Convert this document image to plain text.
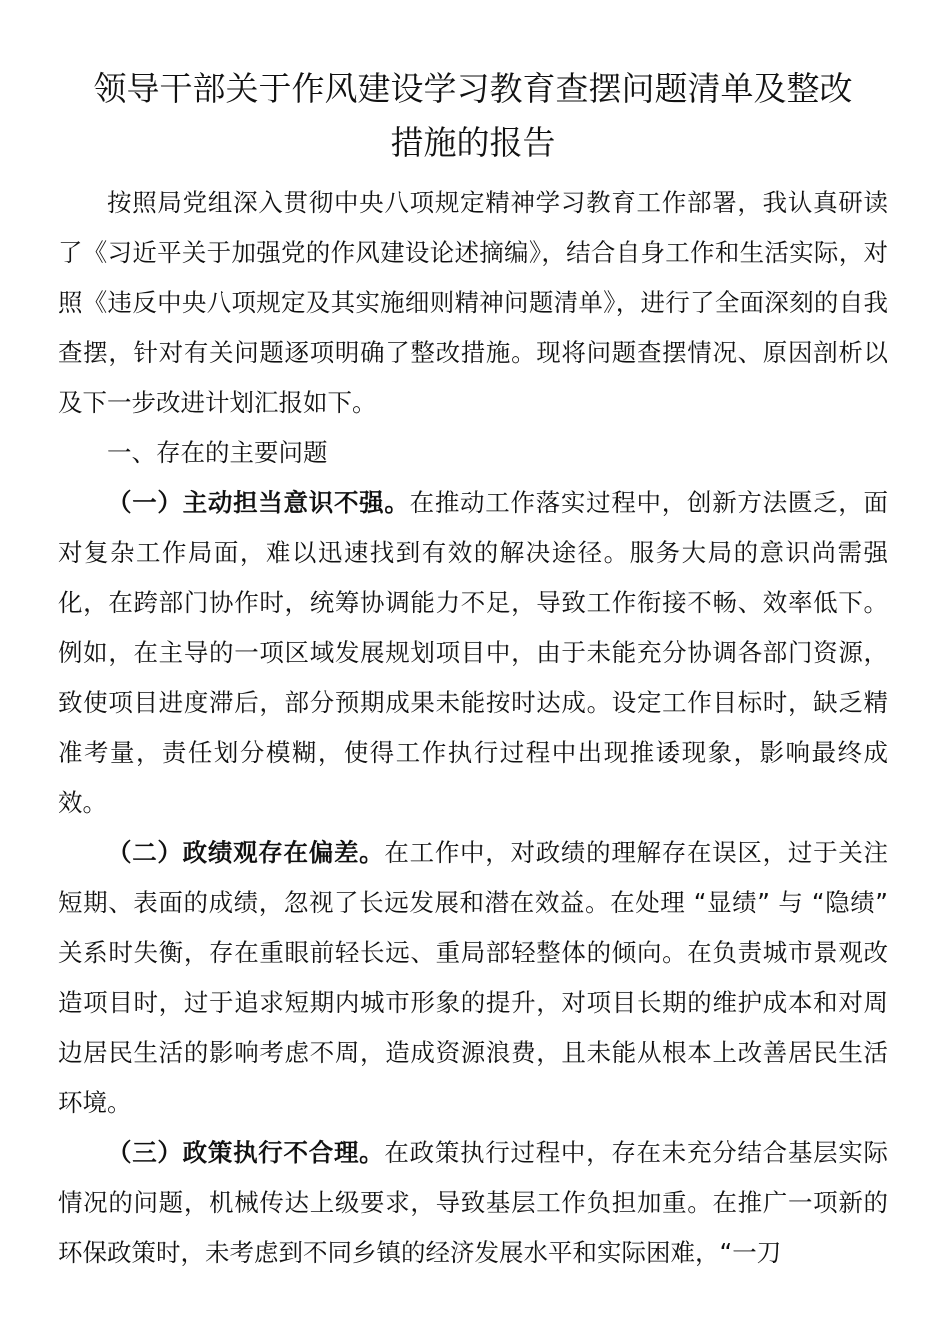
领导干部关于作风建设学习教育查摆问题清单及整改
措施的报告

按照局党组深入贯彻中央八项规定精神学习教育工作部署，我认真研读了《习近平关于加强党的作风建设论述摘编》，结合自身工作和生活实际，对照《违反中央八项规定及其实施细则精神问题清单》，进行了全面深刻的自我查摆，针对有关问题逐项明确了整改措施。现将问题查摆情况、原因剖析以及下一步改进计划汇报如下。

一、存在的主要问题

（一）主动担当意识不强。在推动工作落实过程中，创新方法匮乏，面对复杂工作局面，难以迅速找到有效的解决途径。服务大局的意识尚需强化，在跨部门协作时，统筹协调能力不足，导致工作衔接不畅、效率低下。例如，在主导的一项区域发展规划项目中，由于未能充分协调各部门资源，致使项目进度滞后，部分预期成果未能按时达成。设定工作目标时，缺乏精准考量，责任划分模糊，使得工作执行过程中出现推诿现象，影响最终成效。

（二）政绩观存在偏差。在工作中，对政绩的理解存在误区，过于关注短期、表面的成绩，忽视了长远发展和潜在效益。在处理 “显绩” 与 “隐绩” 关系时失衡，存在重眼前轻长远、重局部轻整体的倾向。在负责城市景观改造项目时，过于追求短期内城市形象的提升，对项目长期的维护成本和对周边居民生活的影响考虑不周，造成资源浪费，且未能从根本上改善居民生活环境。

（三）政策执行不合理。在政策执行过程中，存在未充分结合基层实际情况的问题，机械传达上级要求，导致基层工作负担加重。在推广一项新的环保政策时，未考虑到不同乡镇的经济发展水平和实际困难，“一刀
